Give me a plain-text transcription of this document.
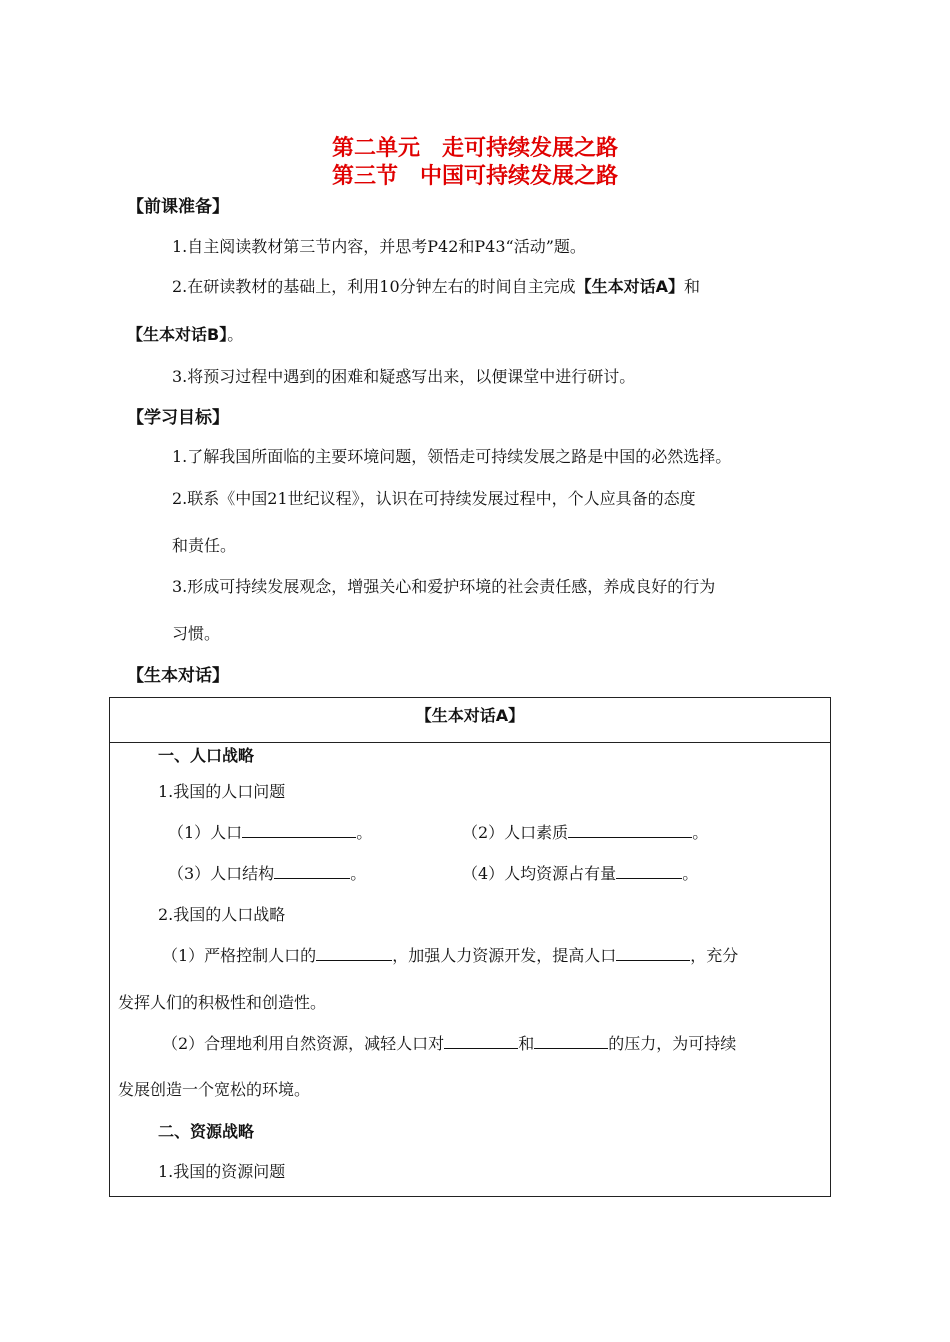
第二单元　走可持续发展之路
第三节　中国可持续发展之路
【前课准备】
1.自主阅读教材第三节内容，并思考P42和P43“活动”题。
2.在研读教材的基础上，利用10分钟左右的时间自主完成【生本对话A】和
【生本对话B】。
3.将预习过程中遇到的困难和疑惑写出来，以便课堂中进行研讨。
【学习目标】
1.了解我国所面临的主要环境问题，领悟走可持续发展之路是中国的必然选择。
2.联系《中国21世纪议程》，认识在可持续发展过程中，个人应具备的态度
和责任。
3.形成可持续发展观念，增强关心和爱护环境的社会责任感，养成良好的行为
习惯。
【生本对话】
【生本对话A】
一、人口战略
1.我国的人口问题
（1）人口	。	（2）人口素质	。
（3）人口结构	。	（4）人均资源占有量	。
2.我国的人口战略
（1）严格控制人口的	，加强人力资源开发，提高人口	，充分
发挥人们的积极性和创造性。
（2）合理地利用自然资源，减轻人口对	和	的压力，为可持续
发展创造一个宽松的环境。
二、资源战略
1.我国的资源问题
